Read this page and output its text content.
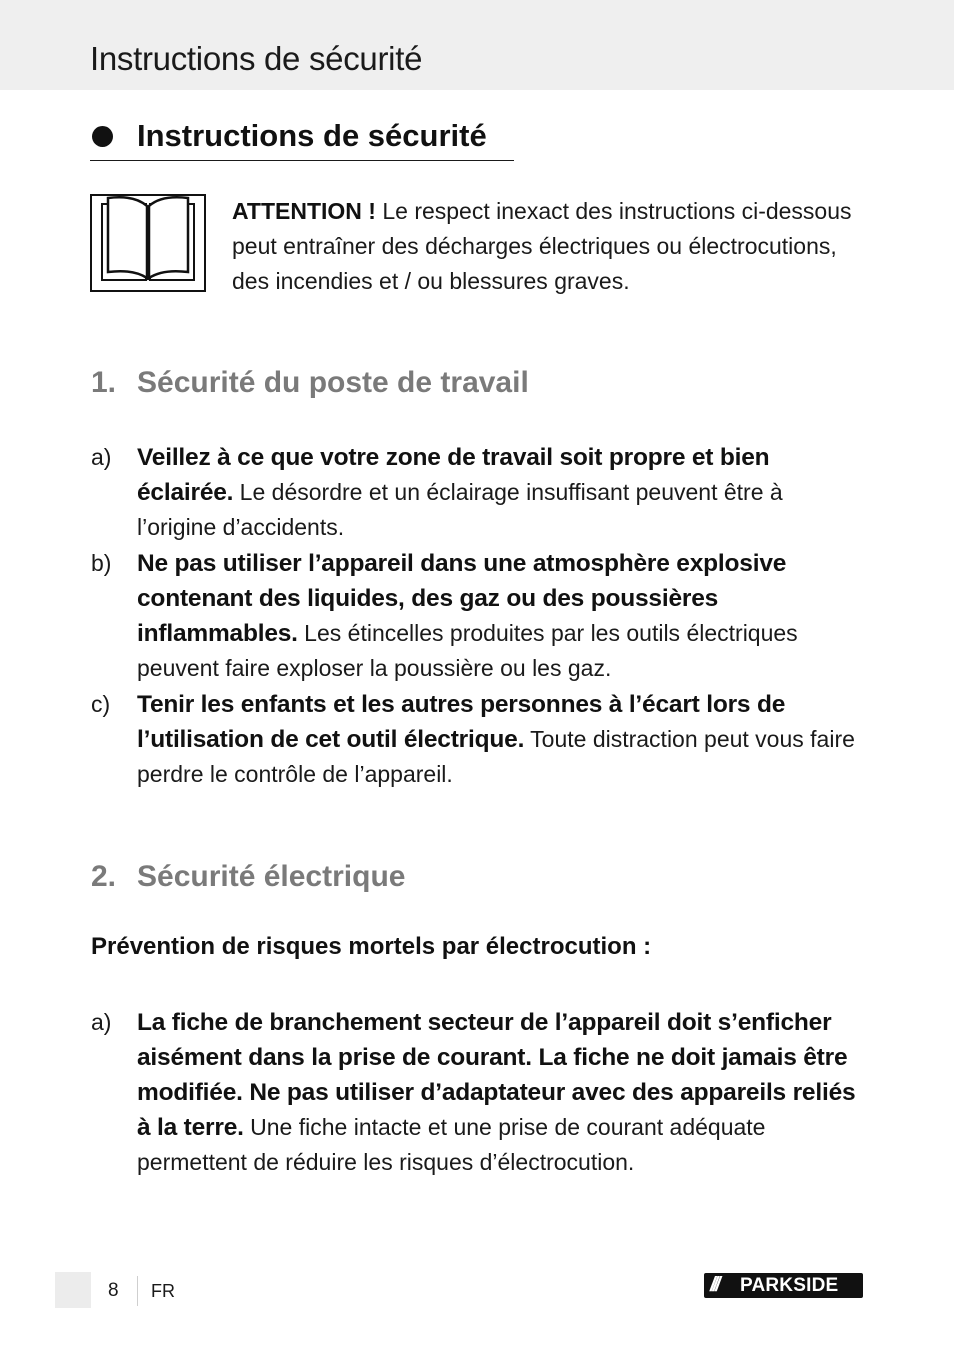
Instructions de sécurité
Instructions de sécurité
ATTENTION ! Le respect inexact des instructions ci-dessous peut entraîner des décharges électriques ou électrocutions, des incendies et / ou blessures graves.
1. Sécurité du poste de travail
a)	Veillez à ce que votre zone de travail soit propre et bien éclairée. Le désordre et un éclairage insuffisant peuvent être à l’origine d’accidents.
b)	Ne pas utiliser l’appareil dans une atmosphère explosive contenant des liquides, des gaz ou des poussières inflammables. Les étincelles produites par les outils électriques peuvent faire exploser la poussière ou les gaz.
c)	Tenir les enfants et les autres personnes à l’écart lors de l’utilisation de cet outil électrique. Toute distraction peut vous faire perdre le contrôle de l’appareil.
2. Sécurité électrique
Prévention de risques mortels par électrocution :
a)	La fiche de branchement secteur de l’appareil doit s’enficher aisément dans la prise de courant. La fiche ne doit jamais être modifiée. Ne pas utiliser d’adaptateur avec des appareils reliés à la terre. Une fiche intacte et une prise de courant adéquate permettent de réduire les risques d’électrocution.
8 FR	/// PARKSIDE
